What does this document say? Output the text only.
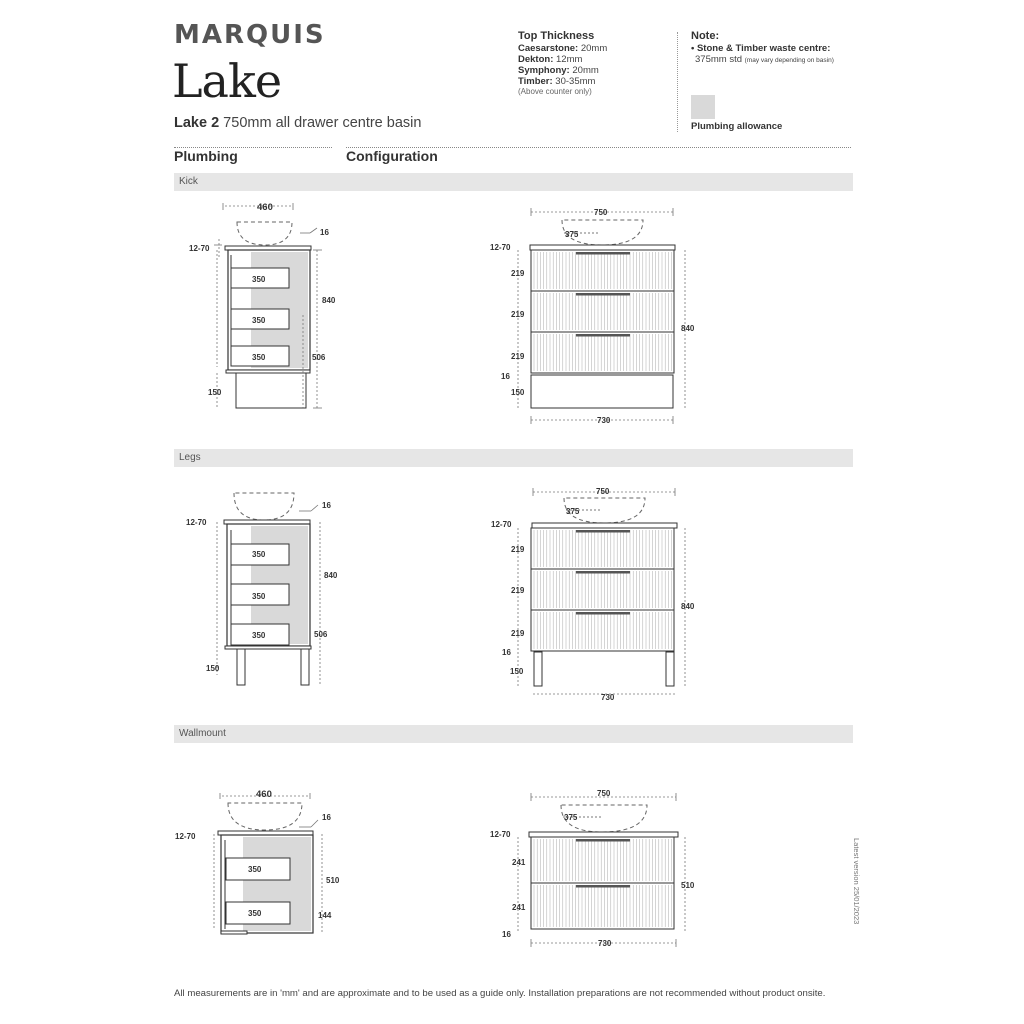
MARQUIS
Lake
Lake 2 750mm all drawer centre basin
Top Thickness
Caesarstone: 20mm
Dekton: 12mm
Symphony: 20mm
Timber: 30-35mm
(Above counter only)
Note:
• Stone & Timber waste centre:
375mm std (may vary depending on basin)
Plumbing allowance
Plumbing	Configuration
Kick
Legs
Wallmount
460
16
12-70
350
350
350
840
506
150
750
375
12-70
219
219
219
16
150
840
730
16
12-70
350
350
350
840
506
150
750
375
12-70
219
219
219
16
150
840
730
460
16
12-70
350
350
510
144
750
375
12-70
241
241
16
510
730
All measurements are in 'mm' and are approximate and to be used as a guide only. Installation preparations are not recommended without product onsite.
Latest version 25/01/2023
